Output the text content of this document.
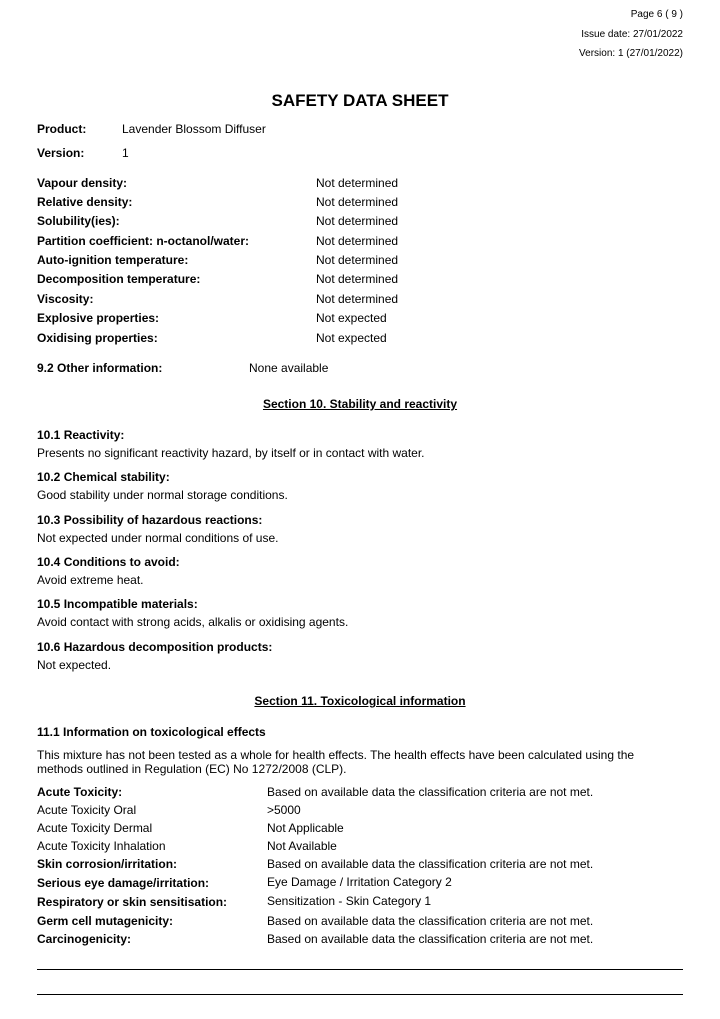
Page 6 ( 9 )
Issue date: 27/01/2022
Version: 1 (27/01/2022)
SAFETY DATA SHEET
Product:	Lavender Blossom Diffuser
Version:	1
Vapour density:	Not determined
Relative density:	Not determined
Solubility(ies):	Not determined
Partition coefficient: n-octanol/water:	Not determined
Auto-ignition temperature:	Not determined
Decomposition temperature:	Not determined
Viscosity:	Not determined
Explosive properties:	Not expected
Oxidising properties:	Not expected
9.2 Other information:	None available
Section 10. Stability and reactivity
10.1 Reactivity:
Presents no significant reactivity hazard, by itself or in contact with water.
10.2 Chemical stability:
Good stability under normal storage conditions.
10.3 Possibility of hazardous reactions:
Not expected under normal conditions of use.
10.4 Conditions to avoid:
Avoid extreme heat.
10.5 Incompatible materials:
Avoid contact with strong acids, alkalis or oxidising agents.
10.6 Hazardous decomposition products:
Not expected.
Section 11. Toxicological information
11.1 Information on toxicological effects
This mixture has not been tested as a whole for health effects. The health effects have been calculated using the methods outlined in Regulation (EC) No 1272/2008 (CLP).
Acute Toxicity:	Based on available data the classification criteria are not met.
Acute Toxicity Oral	>5000
Acute Toxicity Dermal	Not Applicable
Acute Toxicity Inhalation	Not Available
Skin corrosion/irritation:	Based on available data the classification criteria are not met.
Serious eye damage/irritation:	Eye Damage / Irritation Category 2
Respiratory or skin sensitisation:	Sensitization - Skin Category 1
Germ cell mutagenicity:	Based on available data the classification criteria are not met.
Carcinogenicity:	Based on available data the classification criteria are not met.
